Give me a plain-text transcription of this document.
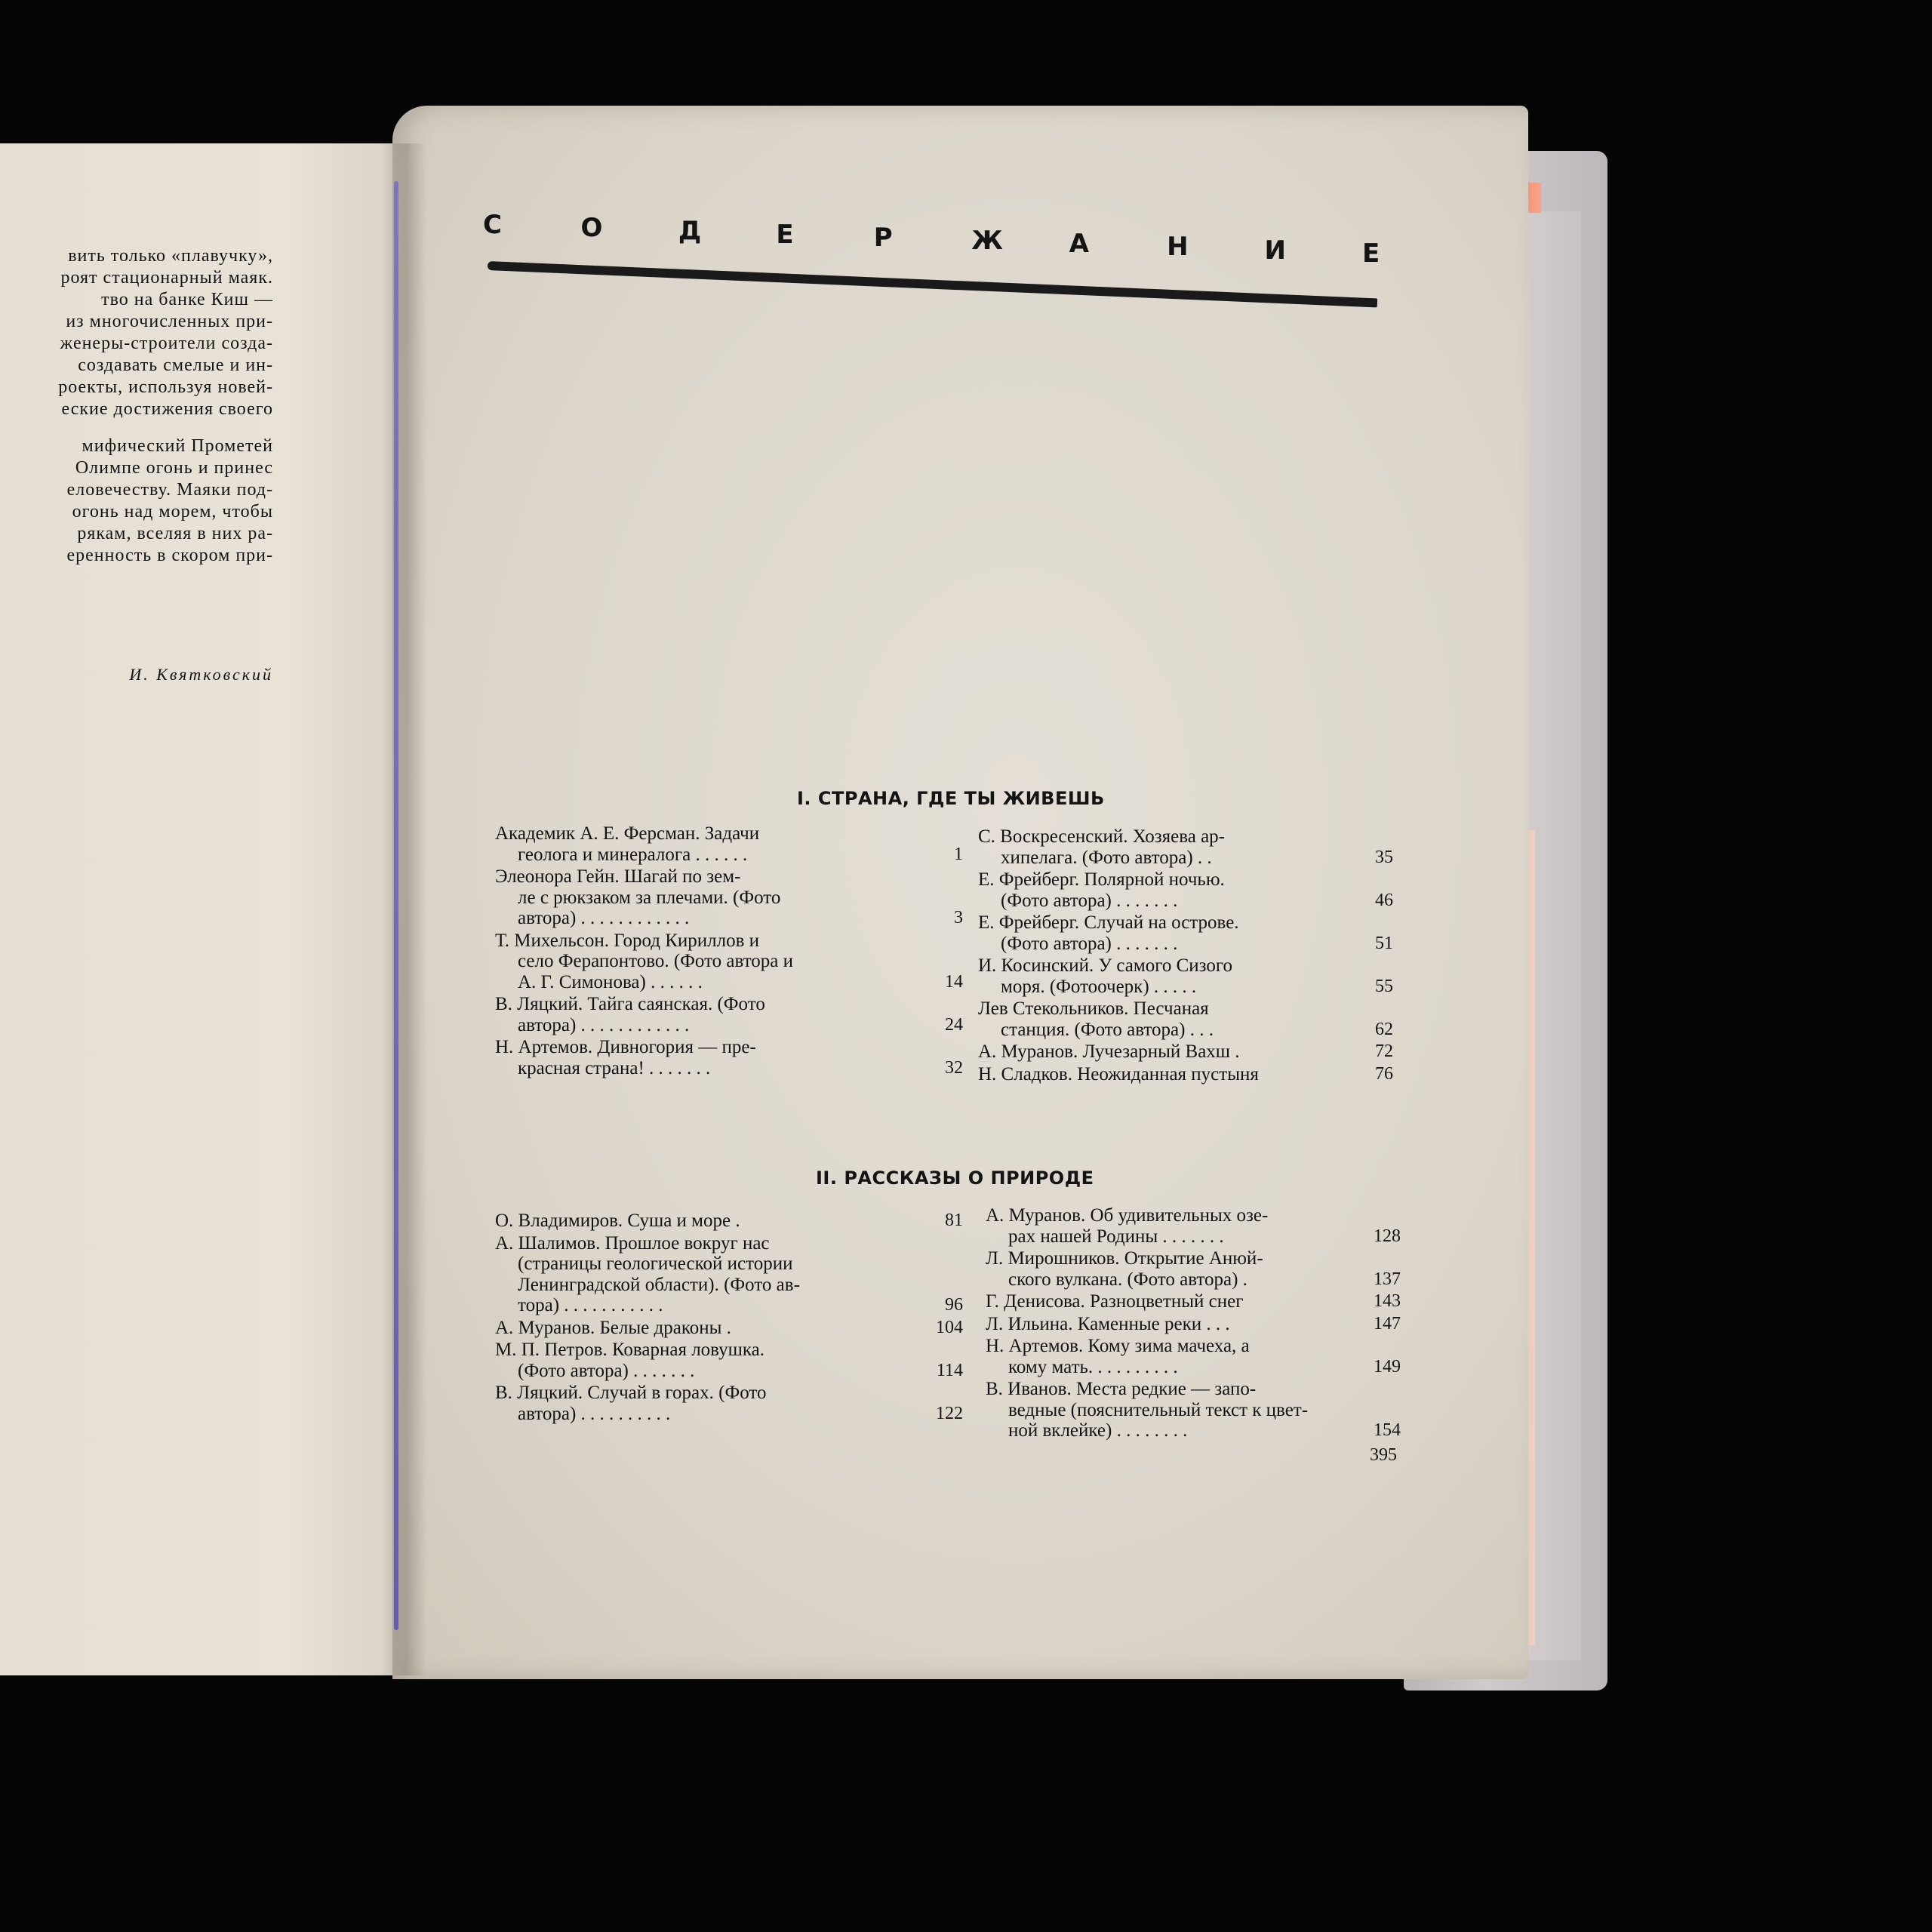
вить только «плавучку»,
роят стационарный маяк.
тво на банке Киш —
из многочисленных при-
женеры-строители созда-
создавать смелые и ин-
роекты, используя новей-
еские достижения своего
мифический Прометей
Олимпе огонь и принес
еловечеству. Маяки под-
огонь над морем, чтобы
рякам, вселяя в них ра-
еренность в скором при-
И. Квятковский
С	О	Д	Е	Р	Ж	А	Н	И	Е
I. СТРАНА, ГДЕ ТЫ ЖИВЕШЬ
Академик А. Е. Ферсман. Задачи
геолога и минералога . . . . . .	1
Элеонора Гейн. Шагай по зем-
ле с рюкзаком за плечами. (Фото
автора) . . . . . . . . . . . .	3
Т. Михельсон. Город Кириллов и
село Ферапонтово. (Фото автора и
А. Г. Симонова) . . . . . .	14
В. Ляцкий. Тайга саянская. (Фото
автора) . . . . . . . . . . . .	24
Н. Артемов. Дивногория — пре-
красная страна! . . . . . . .	32
С. Воскресенский. Хозяева ар-
хипелага. (Фото автора) . .	35
Е. Фрейберг. Полярной ночью.
(Фото автора) . . . . . . .	46
Е. Фрейберг. Случай на острове.
(Фото автора) . . . . . . .	51
И. Косинский. У самого Сизого
моря. (Фотоочерк) . . . . .	55
Лев Стекольников. Песчаная
станция. (Фото автора) . . .	62
А. Муранов. Лучезарный Вахш .	72
Н. Сладков. Неожиданная пустыня	76
II. РАССКАЗЫ О ПРИРОДЕ
О. Владимиров. Суша и море .	81
А. Шалимов. Прошлое вокруг нас
(страницы геологической истории
Ленинградской области). (Фото ав-
тора) . . . . . . . . . . .	96
А. Муранов. Белые драконы .	104
М. П. Петров. Коварная ловушка.
(Фото автора) . . . . . . .	114
В. Ляцкий. Случай в горах. (Фото
автора) . . . . . . . . . .	122
А. Муранов. Об удивительных озе-
рах нашей Родины . . . . . . .	128
Л. Мирошников. Открытие Анюй-
ского вулкана. (Фото автора) .	137
Г. Денисова. Разноцветный снег	143
Л. Ильина. Каменные реки . . .	147
Н. Артемов. Кому зима мачеха, а
кому мать. . . . . . . . . .	149
В. Иванов. Места редкие — запо-
ведные (пояснительный текст к цвет-
ной вклейке) . . . . . . . .	154
395
